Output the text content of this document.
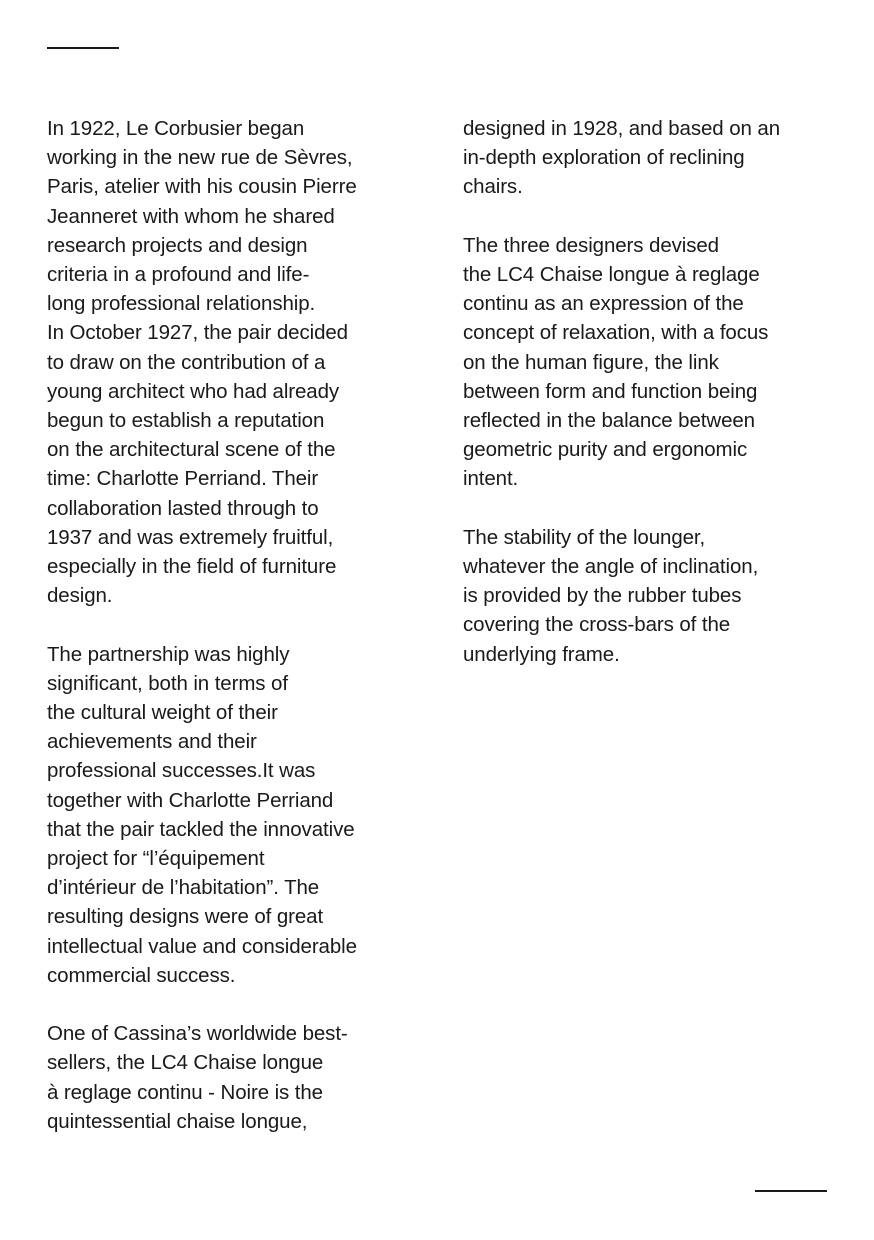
In 1922, Le Corbusier began
working in the new rue de Sèvres,
Paris, atelier with his cousin Pierre
Jeanneret with whom he shared
research projects and design
criteria in a profound and life-
long professional relationship.
In October 1927, the pair decided
to draw on the contribution of a
young architect who had already
begun to establish a reputation
on the architectural scene of the
time: Charlotte Perriand. Their
collaboration lasted through to
1937 and was extremely fruitful,
especially in the field of furniture
design.

The partnership was highly
significant, both in terms of
the cultural weight of their
achievements and their
professional successes.It was
together with Charlotte Perriand
that the pair tackled the innovative
project for “l’équipement
d’intérieur de l’habitation”. The
resulting designs were of great
intellectual value and considerable
commercial success.

One of Cassina’s worldwide best-
sellers, the LC4 Chaise longue
à reglage continu - Noire is the
quintessential chaise longue,

designed in 1928, and based on an
in-depth exploration of reclining
chairs.

The three designers devised
the LC4 Chaise longue à reglage
continu as an expression of the
concept of relaxation, with a focus
on the human figure, the link
between form and function being
reflected in the balance between
geometric purity and ergonomic
intent.

The stability of the lounger,
whatever the angle of inclination,
is provided by the rubber tubes
covering the cross-bars of the
underlying frame.
